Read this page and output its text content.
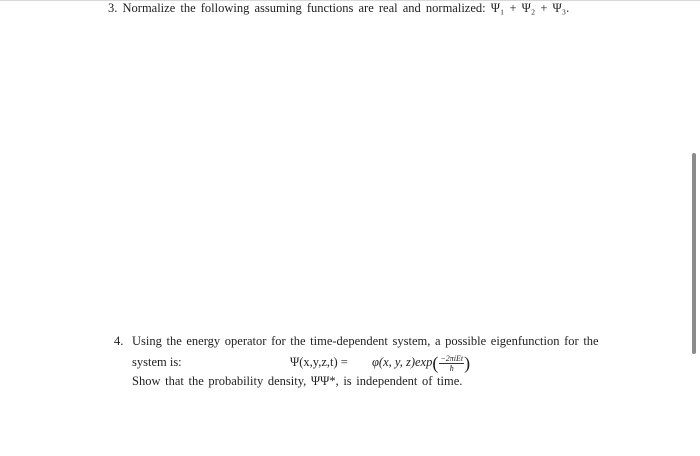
3. Normalize the following assuming functions are real and normalized: Ψ₁ + Ψ₂ + Ψ₃.
4. Using the energy operator for the time-dependent system, a possible eigenfunction for the
system is:	Ψ(x,y,z,t) = φ(x, y, $z)\exp( \frac{\text{−2πiEt}}{ħ}$ )
Show that the probability density, ΨΨ*, is independent of time.
